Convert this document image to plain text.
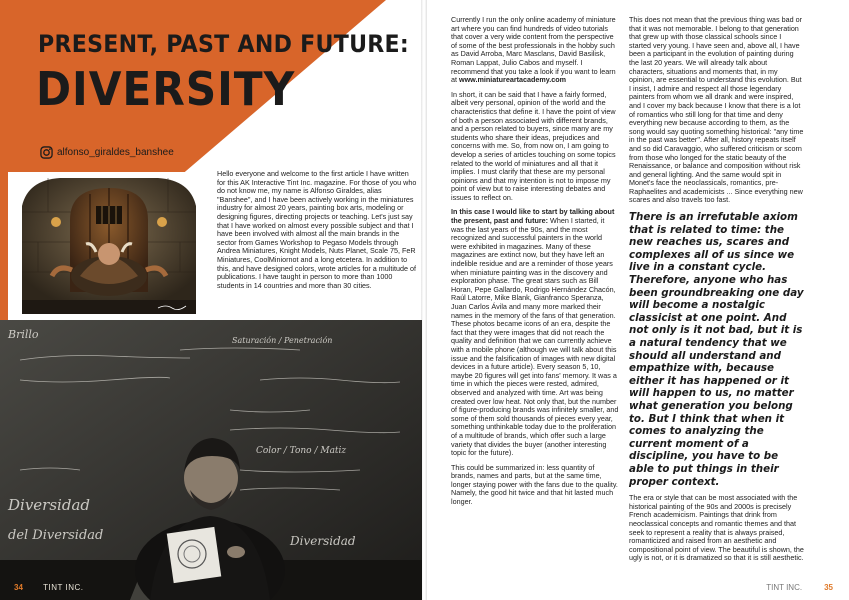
PRESENT, PAST AND FUTURE:
DIVERSITY
alfonso_giraldes_banshee
Hello everyone and welcome to the first article I have written for this AK Interactive Tint Inc. magazine. For those of you who do not know me, my name is Alfonso Giraldes, alias "Banshee", and I have been actively working in the miniatures industry for almost 20 years, painting box arts, modeling or designing figures, directing projects or teaching. Let's just say that I have worked on almost every possible subject and that I have been involved with almost all the main brands in the sector from Games Workshop to Pegaso Models through Andrea Miniatures, Knight Models, Nuts Planet, Scale 75, FeR Miniatures, CoolMiniornot and a long etcetera. In addition to this, and have designed colors, wrote articles for a multitude of publications. I have taught in person to more than 1000 students in 14 countries and more than 30 cities.
Brillo	Saturación / Penetración
Diversidad
del Diversidad
Color / Tono / Matiz
Diversidad
34	TINT INC.

Currently I run the only online academy of miniature art where you can find hundreds of video tutorials that cover a very wide content from the perspective of some of the best professionals in the hobby such as David Arroba, Marc Masclans, David Basilisk, Roman Lappat, Julio Cabos and myself. I recommend that you take a look if you want to learn at www.miniatureartacademy.com

In short, it can be said that I have a fairly formed, albeit very personal, opinion of the world and the characteristics that define it. I have the point of view of both a person associated with different brands, and a person related to buyers, since many are my students who share their ideas, prejudices and concerns with me. So, from now on, I am going to develop a series of articles touching on some topics related to the world of miniatures and all that it implies. I must clarify that these are my personal opinions and that my intention is not to impose my point of view but to raise interesting debates and issues to reflect on.

In this case I would like to start by talking about the present, past and future: When I started, it was the last years of the 90s, and the most recognized and successful painters in the world were exhibited in magazines. Many of these magazines are extinct now, but they have left an indelible residue and are a reminder of those years when miniature painting was in the discovery and exploration phase. The great stars such as Bill Horan, Pepe Gallardo, Rodrigo Hernández Chacón, Raúl Latorre, Mike Blank, Gianfranco Speranza, Juan Carlos Ávila and many more marked their names in the memory of the fans of that generation. These photos became icons of an era, despite the fact that they were images that did not reach the quality and definition that we can currently achieve with a mobile phone (although we will talk about this issue and the falsification of images with new digital devices in a future article). Every season 5, 10, maybe 20 figures will get into fans' memory. It was a time in which the pieces were rested, admired, observed and analyzed with time. Art was being created over low heat. Not only that, but the number of figure-producing brands was infinitely smaller, and some of them sold thousands of pieces every year, something unthinkable today due to the proliferation of a multitude of brands, which offer such a large variety that divides the buyer (another interesting topic for the future).

This could be summarized in: less quantity of brands, names and parts, but at the same time, longer staying power with the fans due to the quality. Namely, the good hit twice and that hit lasted much longer.

This does not mean that the previous thing was bad or that it was not memorable. I belong to that generation that grew up with those classical schools since I started very young. I have seen and, above all, I have been a participant in the evolution of painting during the last 20 years. We will already talk about characters, situations and moments that, in my opinion, are essential to understand this evolution. But I insist, I admire and respect all those legendary painters from whom we all drank and were inspired, and I cover my back because I know that there is a lot of romantics who still long for that time and deny everything new because according to them, as the song would say quoting something historical: "any time in the past was better". After all, history repeats itself and so did Caravaggio, who suffered criticism or scorn from those who longed for the static beauty of the Renaissance, or balance and composition without risk and general lighting. And the same would spit in Monet's face the neoclassicals, romantics, pre-Raphaelites and academicists ... Since everything new scares and also travels too fast.

There is an irrefutable axiom that is related to time: the new reaches us, scares and complexes all of us since we live in a constant cycle. Therefore, anyone who has been groundbreaking one day will become a nostalgic classicist at one point. And not only is it not bad, but it is a natural tendency that we should all understand and empathize with, because either it has happened or it will happen to us, no matter what generation you belong to. But I think that when it comes to analyzing the current moment of a discipline, you have to be able to put things in their proper context.

The era or style that can be most associated with the historical painting of the 90s and 2000s is precisely French academicism. Paintings that drink from neoclassical concepts and romantic themes and that seek to represent a reality that is always praised, romanticized and raised from an aesthetic and compositional point of view. The beautiful is shown, the ugly is not, or it is dramatized so that it is still aesthetic.

TINT INC.	35
